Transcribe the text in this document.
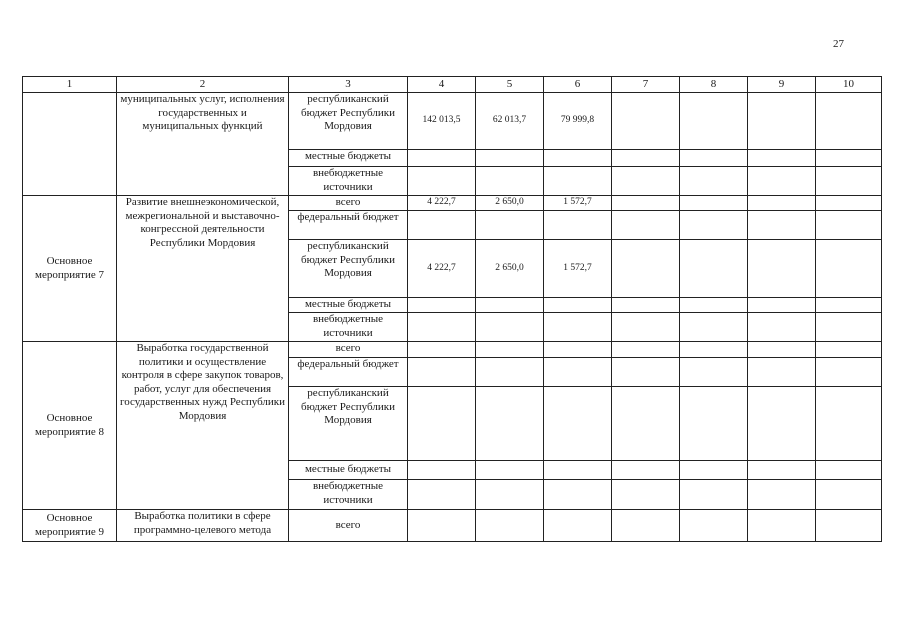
27
1	2	3	4	5	6	7	8	9	10
	муниципальных услуг, исполнения государственных и муниципальных функций	республиканский бюджет Республики Мордовия	142 013,5	62 013,7	79 999,8				
		местные бюджеты							
		внебюджетные источники							
Основное мероприятие 7	Развитие внешнеэкономической, межрегиональной и выставочно-конгрессной деятельности Республики Мордовия	всего	4 222,7	2 650,0	1 572,7				
		федеральный бюджет							
		республиканский бюджет Республики Мордовия	4 222,7	2 650,0	1 572,7				
		местные бюджеты							
		внебюджетные источники							
Основное мероприятие 8	Выработка государственной политики и осуществление контроля в сфере закупок товаров, работ, услуг для обеспечения государственных нужд Республики Мордовия	всего							
		федеральный бюджет							
		республиканский бюджет Республики Мордовия							
		местные бюджеты							
		внебюджетные источники							
Основное мероприятие 9	Выработка политики в сфере программно-целевого метода	всего							
